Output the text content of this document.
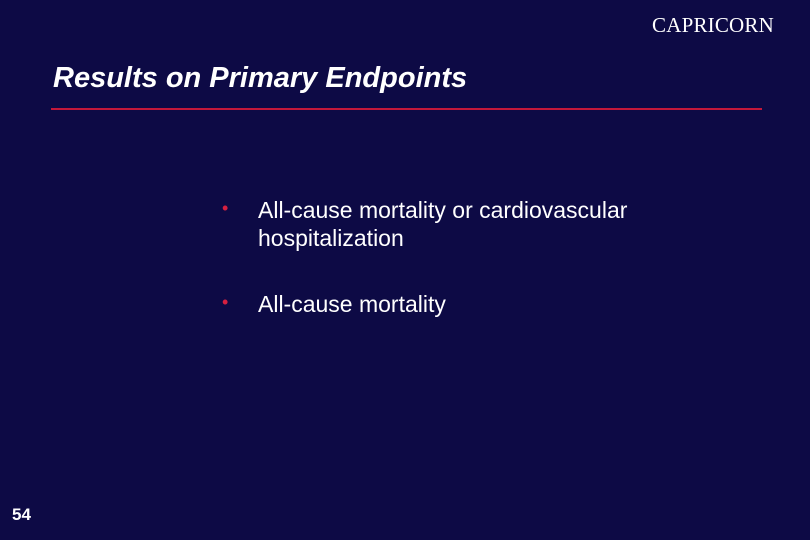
CAPRICORN
Results on Primary Endpoints
• All-cause mortality or cardiovascular hospitalization
• All-cause mortality
54
